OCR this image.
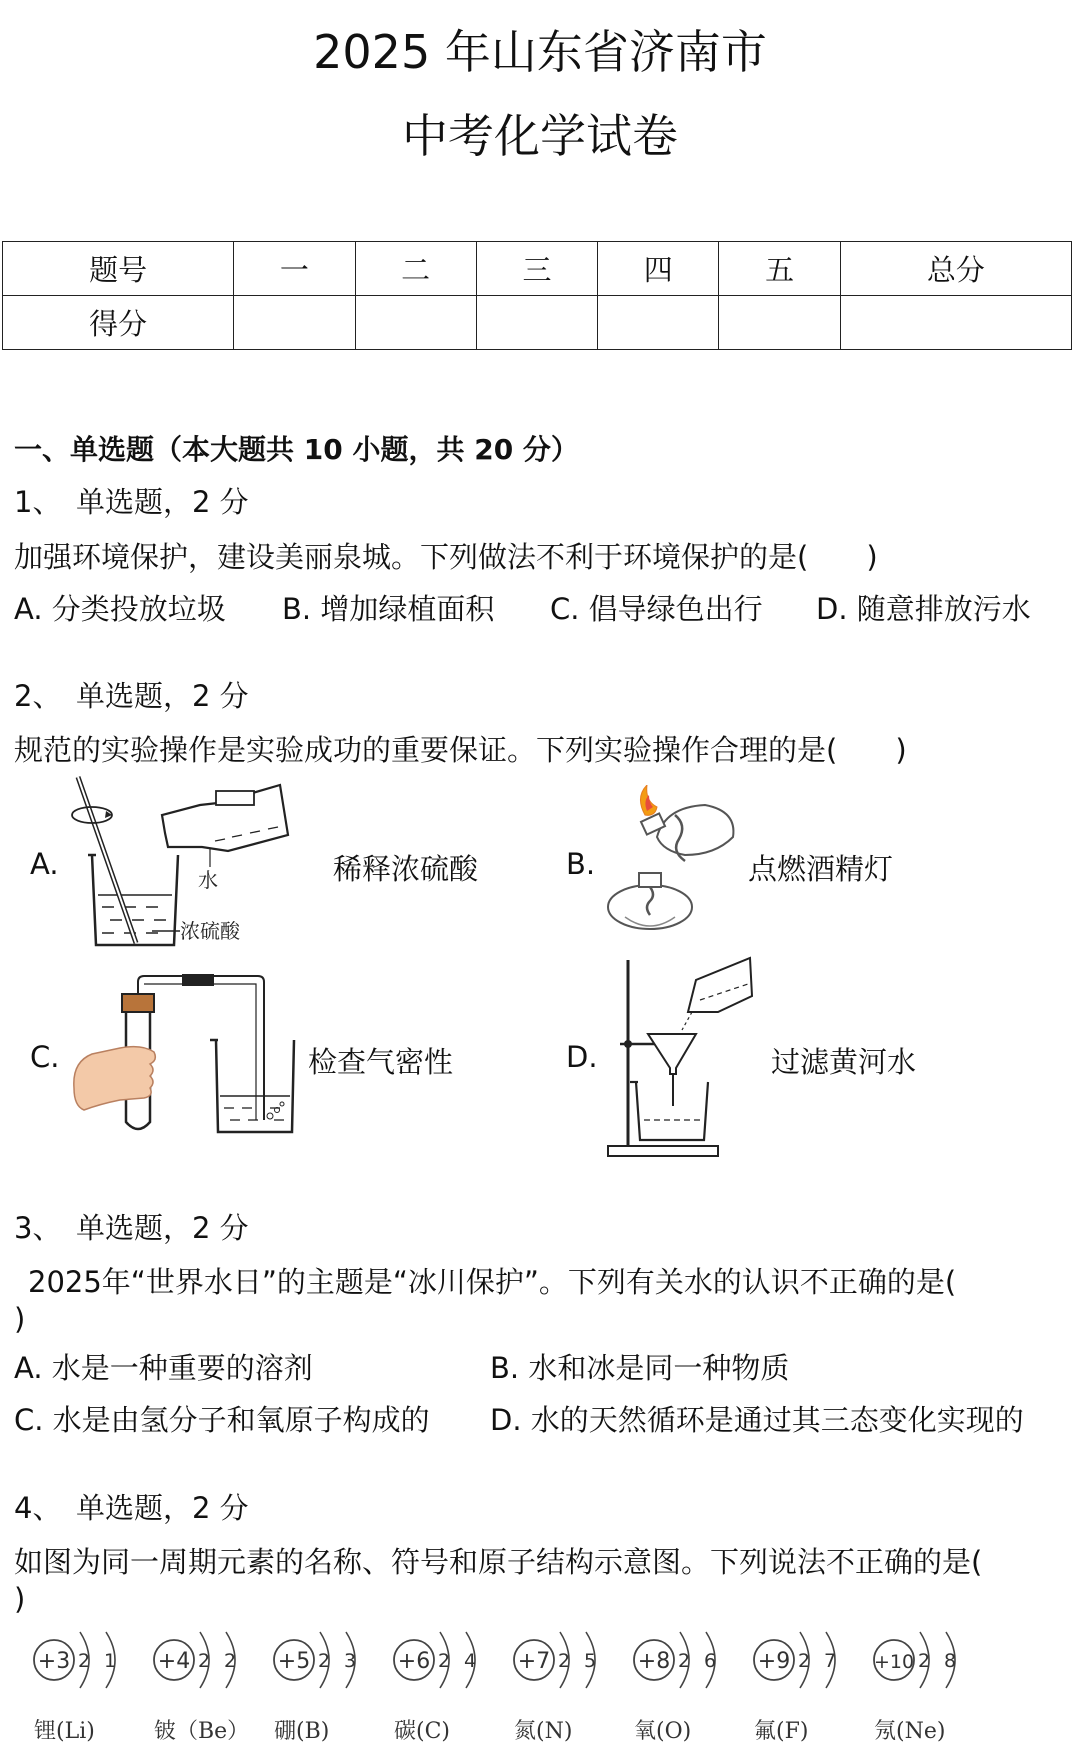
2025 年山东省济南市
中考化学试卷
题号	一	二	三	四	五	总分
得分						
一、单选题（本大题共 10 小题，共 20 分）
1、　单选题，2 分
加强环境保护，建设美丽泉城。下列做法不利于环境保护的是(　　)
A. 分类投放垃圾 B. 增加绿植面积 C. 倡导绿色出行 D. 随意排放污水
2、　单选题，2 分
规范的实验操作是实验成功的重要保证。下列实验操作合理的是(　　)
A.	水
浓硫酸
稀释浓硫酸	B.	点燃酒精灯
C.	检查气密性	D.	过滤黄河水
3、　单选题，2 分
2025年“世界水日”的主题是“冰川保护”。下列有关水的认识不正确的是(
)
A. 水是一种重要的溶剂	B. 水和冰是同一种物质
C. 水是由氢分子和氧原子构成的 D. 水的天然循环是通过其三态变化实现的
4、　单选题，2 分
如图为同一周期元素的名称、符号和原子结构示意图。下列说法不正确的是(
)
+3 2 1
锂(Li)
+4 2 2
铍（Be）
+5 2 3
硼(B)
+6 2 4
碳(C)
+7 2 5
氮(N)
+8 2 6
氧(O)
+9 2 7
氟(F)
+10 2 8
氖(Ne)
